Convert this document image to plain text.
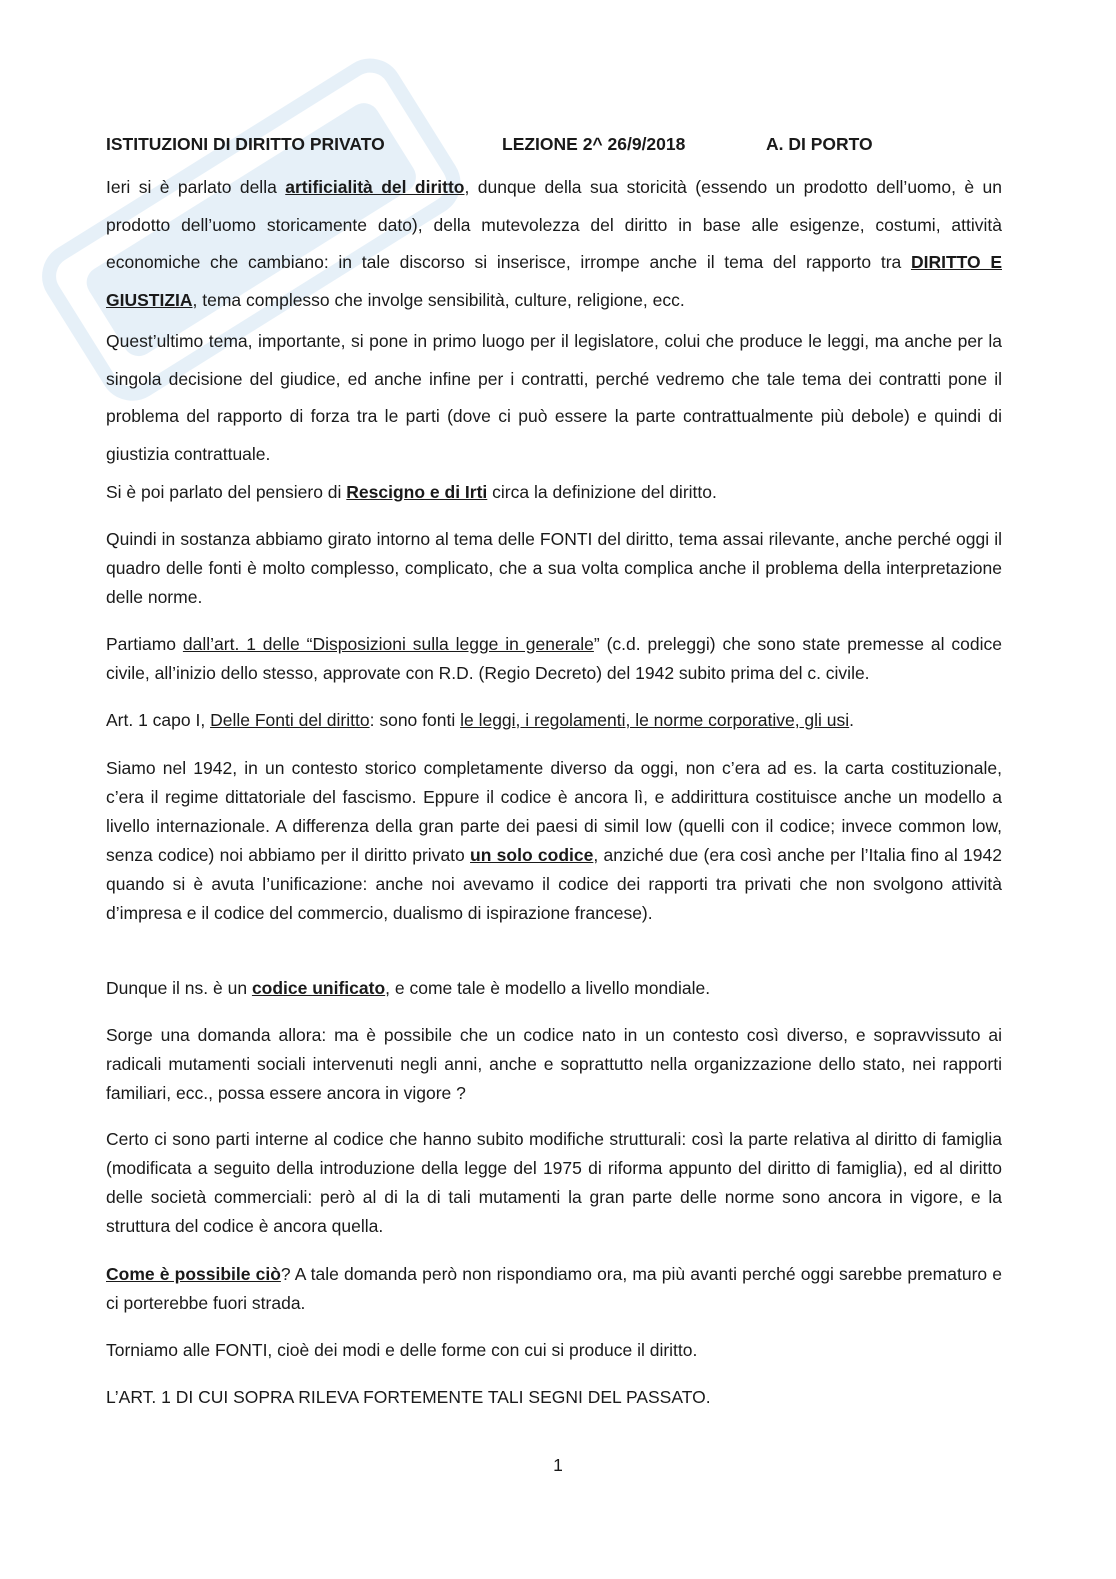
ISTITUZIONI DI DIRITTO PRIVATO	LEZIONE 2^ 26/9/2018	A. DI PORTO

Ieri si è parlato della artificialità del diritto, dunque della sua storicità (essendo un prodotto dell’uomo, è un prodotto dell’uomo storicamente dato), della mutevolezza del diritto in base alle esigenze, costumi, attività economiche che cambiano: in tale discorso si inserisce, irrompe anche il tema del rapporto tra DIRITTO E GIUSTIZIA, tema complesso che involge sensibilità, culture, religione, ecc.

Quest’ultimo tema, importante, si pone in primo luogo per il legislatore, colui che produce le leggi, ma anche per la singola decisione del giudice, ed anche infine per i contratti, perché vedremo che tale tema dei contratti pone il problema del rapporto di forza tra le parti (dove ci può essere la parte contrattualmente più debole) e quindi di giustizia contrattuale.

Si è poi parlato del pensiero di Rescigno e di Irti circa la definizione del diritto.

Quindi in sostanza abbiamo girato intorno al tema delle FONTI del diritto, tema assai rilevante, anche perché oggi il quadro delle fonti è molto complesso, complicato, che a sua volta complica anche il problema della interpretazione delle norme.

Partiamo dall’art. 1 delle “Disposizioni sulla legge in generale” (c.d. preleggi) che sono state premesse al codice civile, all’inizio dello stesso, approvate con R.D. (Regio Decreto) del 1942 subito prima del c. civile.

Art. 1 capo I, Delle Fonti del diritto: sono fonti le leggi, i regolamenti, le norme corporative, gli usi.

Siamo nel 1942, in un contesto storico completamente diverso da oggi, non c’era ad es. la carta costituzionale, c’era il regime dittatoriale del fascismo. Eppure il codice è ancora lì, e addirittura costituisce anche un modello a livello internazionale. A differenza della gran parte dei paesi di simil low (quelli con il codice; invece common low, senza codice) noi abbiamo per il diritto privato un solo codice, anziché due (era così anche per l’Italia fino al 1942 quando si è avuta l’unificazione: anche noi avevamo il codice dei rapporti tra privati che non svolgono attività d’impresa e il codice del commercio, dualismo di ispirazione francese).

Dunque il ns. è un codice unificato, e come tale è modello a livello mondiale.

Sorge una domanda allora: ma è possibile che un codice nato in un contesto così diverso, e sopravvissuto ai radicali mutamenti sociali intervenuti negli anni, anche e soprattutto nella organizzazione dello stato, nei rapporti familiari, ecc., possa essere ancora in vigore ?

Certo ci sono parti interne al codice che hanno subito modifiche strutturali: così la parte relativa al diritto di famiglia (modificata a seguito della introduzione della legge del 1975 di riforma appunto del diritto di famiglia), ed al diritto delle società commerciali: però al di la di tali mutamenti la gran parte delle norme sono ancora in vigore, e la struttura del codice è ancora quella.

Come è possibile ciò? A tale domanda però non rispondiamo ora, ma più avanti perché oggi sarebbe prematuro e ci porterebbe fuori strada.

Torniamo alle FONTI, cioè dei modi e delle forme con cui si produce il diritto.

L’ART. 1 DI CUI SOPRA RILEVA FORTEMENTE TALI SEGNI DEL PASSATO.

1
